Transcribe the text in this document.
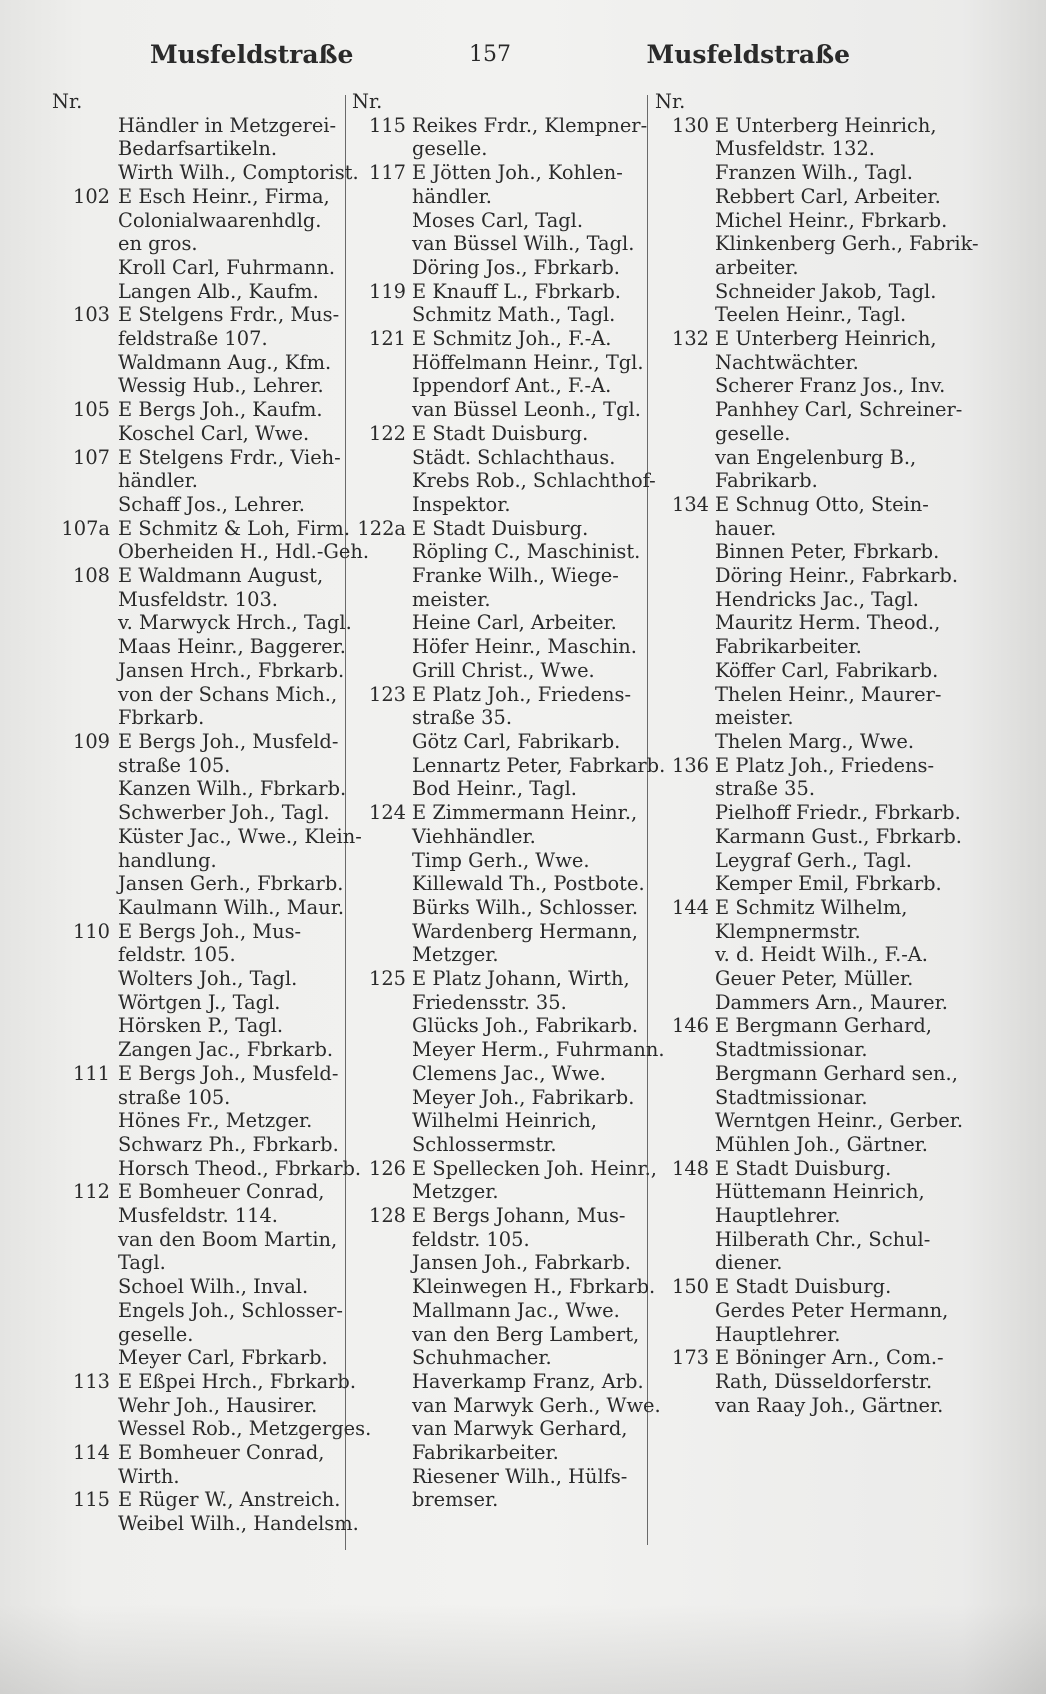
Musfeldstraße	157	Musfeldstraße
Nr.
Händler in Metzgerei-
Bedarfsartikeln.
Wirth Wilh., Comptorist.
102 E Esch Heinr., Firma,
Colonialwaarenhdlg.
en gros.
Kroll Carl, Fuhrmann.
Langen Alb., Kaufm.
103 E Stelgens Frdr., Mus-
feldstraße 107.
Waldmann Aug., Kfm.
Wessig Hub., Lehrer.
105 E Bergs Joh., Kaufm.
Koschel Carl, Wwe.
107 E Stelgens Frdr., Vieh-
händler.
Schaff Jos., Lehrer.
107a E Schmitz & Loh, Firm.
Oberheiden H., Hdl.-Geh.
108 E Waldmann August,
Musfeldstr. 103.
v. Marwyck Hrch., Tagl.
Maas Heinr., Baggerer.
Jansen Hrch., Fbrkarb.
von der Schans Mich.,
Fbrkarb.
109 E Bergs Joh., Musfeld-
straße 105.
Kanzen Wilh., Fbrkarb.
Schwerber Joh., Tagl.
Küster Jac., Wwe., Klein-
handlung.
Jansen Gerh., Fbrkarb.
Kaulmann Wilh., Maur.
110 E Bergs Joh., Mus-
feldstr. 105.
Wolters Joh., Tagl.
Wörtgen J., Tagl.
Hörsken P., Tagl.
Zangen Jac., Fbrkarb.
111 E Bergs Joh., Musfeld-
straße 105.
Hönes Fr., Metzger.
Schwarz Ph., Fbrkarb.
Horsch Theod., Fbrkarb.
112 E Bomheuer Conrad,
Musfeldstr. 114.
van den Boom Martin,
Tagl.
Schoel Wilh., Inval.
Engels Joh., Schlosser-
geselle.
Meyer Carl, Fbrkarb.
113 E Eßpei Hrch., Fbrkarb.
Wehr Joh., Hausirer.
Wessel Rob., Metzgerges.
114 E Bomheuer Conrad,
Wirth.
115 E Rüger W., Anstreich.
Weibel Wilh., Handelsm.
Nr.
115 Reikes Frdr., Klempner-
geselle.
117 E Jötten Joh., Kohlen-
händler.
Moses Carl, Tagl.
van Büssel Wilh., Tagl.
Döring Jos., Fbrkarb.
119 E Knauff L., Fbrkarb.
Schmitz Math., Tagl.
121 E Schmitz Joh., F.-A.
Höffelmann Heinr., Tgl.
Ippendorf Ant., F.-A.
van Büssel Leonh., Tgl.
122 E Stadt Duisburg.
Städt. Schlachthaus.
Krebs Rob., Schlachthof-
Inspektor.
122a E Stadt Duisburg.
Röpling C., Maschinist.
Franke Wilh., Wiege-
meister.
Heine Carl, Arbeiter.
Höfer Heinr., Maschin.
Grill Christ., Wwe.
123 E Platz Joh., Friedens-
straße 35.
Götz Carl, Fabrikarb.
Lennartz Peter, Fabrkarb.
Bod Heinr., Tagl.
124 E Zimmermann Heinr.,
Viehhändler.
Timp Gerh., Wwe.
Killewald Th., Postbote.
Bürks Wilh., Schlosser.
Wardenberg Hermann,
Metzger.
125 E Platz Johann, Wirth,
Friedensstr. 35.
Glücks Joh., Fabrikarb.
Meyer Herm., Fuhrmann.
Clemens Jac., Wwe.
Meyer Joh., Fabrikarb.
Wilhelmi Heinrich,
Schlossermstr.
126 E Spellecken Joh. Heinr.,
Metzger.
128 E Bergs Johann, Mus-
feldstr. 105.
Jansen Joh., Fabrkarb.
Kleinwegen H., Fbrkarb.
Mallmann Jac., Wwe.
van den Berg Lambert,
Schuhmacher.
Haverkamp Franz, Arb.
van Marwyk Gerh., Wwe.
van Marwyk Gerhard,
Fabrikarbeiter.
Riesener Wilh., Hülfs-
bremser.
Nr.
130 E Unterberg Heinrich,
Musfeldstr. 132.
Franzen Wilh., Tagl.
Rebbert Carl, Arbeiter.
Michel Heinr., Fbrkarb.
Klinkenberg Gerh., Fabrik-
arbeiter.
Schneider Jakob, Tagl.
Teelen Heinr., Tagl.
132 E Unterberg Heinrich,
Nachtwächter.
Scherer Franz Jos., Inv.
Panhhey Carl, Schreiner-
geselle.
van Engelenburg B.,
Fabrikarb.
134 E Schnug Otto, Stein-
hauer.
Binnen Peter, Fbrkarb.
Döring Heinr., Fabrkarb.
Hendricks Jac., Tagl.
Mauritz Herm. Theod.,
Fabrikarbeiter.
Köffer Carl, Fabrikarb.
Thelen Heinr., Maurer-
meister.
Thelen Marg., Wwe.
136 E Platz Joh., Friedens-
straße 35.
Pielhoff Friedr., Fbrkarb.
Karmann Gust., Fbrkarb.
Leygraf Gerh., Tagl.
Kemper Emil, Fbrkarb.
144 E Schmitz Wilhelm,
Klempnermstr.
v. d. Heidt Wilh., F.-A.
Geuer Peter, Müller.
Dammers Arn., Maurer.
146 E Bergmann Gerhard,
Stadtmissionar.
Bergmann Gerhard sen.,
Stadtmissionar.
Werntgen Heinr., Gerber.
Mühlen Joh., Gärtner.
148 E Stadt Duisburg.
Hüttemann Heinrich,
Hauptlehrer.
Hilberath Chr., Schul-
diener.
150 E Stadt Duisburg.
Gerdes Peter Hermann,
Hauptlehrer.
173 E Böninger Arn., Com.-
Rath, Düsseldorferstr.
van Raay Joh., Gärtner.
